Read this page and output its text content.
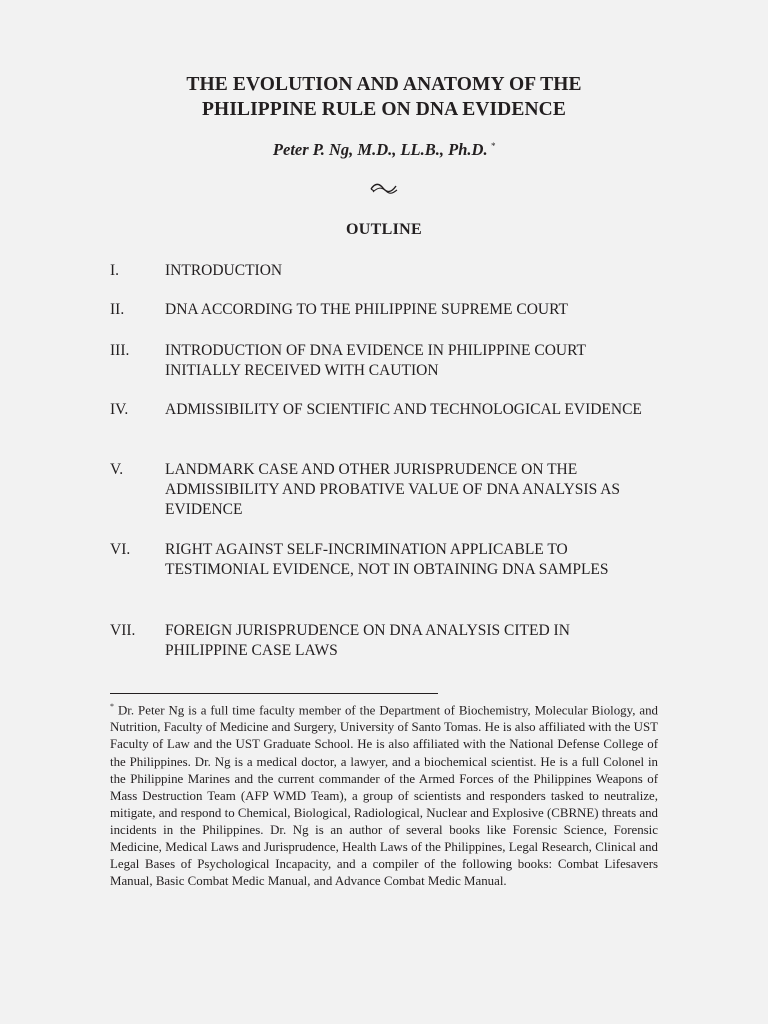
THE EVOLUTION AND ANATOMY OF THE
PHILIPPINE RULE ON DNA EVIDENCE
Peter P. Ng, M.D., LL.B., Ph.D. *
OUTLINE
I.	INTRODUCTION
II.	DNA ACCORDING TO THE PHILIPPINE SUPREME COURT
III. INTRODUCTION OF DNA EVIDENCE IN PHILIPPINE COURT INITIALLY RECEIVED WITH CAUTION
IV. ADMISSIBILITY OF SCIENTIFIC AND TECHNOLOGICAL EVIDENCE
V.	LANDMARK CASE AND OTHER JURISPRUDENCE ON THE ADMISSIBILITY AND PROBATIVE VALUE OF DNA ANALYSIS AS EVIDENCE
VI. RIGHT AGAINST SELF-INCRIMINATION APPLICABLE TO TESTIMONIAL EVIDENCE, NOT IN OBTAINING DNA SAMPLES
VII. FOREIGN JURISPRUDENCE ON DNA ANALYSIS CITED IN PHILIPPINE CASE LAWS
* Dr. Peter Ng is a full time faculty member of the Department of Biochemistry, Molecular Biology, and Nutrition, Faculty of Medicine and Surgery, University of Santo Tomas. He is also affiliated with the UST Faculty of Law and the UST Graduate School. He is also affiliated with the National Defense College of the Philippines. Dr. Ng is a medical doctor, a lawyer, and a biochemical scientist. He is a full Colonel in the Philippine Marines and the current commander of the Armed Forces of the Philippines Weapons of Mass Destruction Team (AFP WMD Team), a group of scientists and responders tasked to neutralize, mitigate, and respond to Chemical, Biological, Radiological, Nuclear and Explosive (CBRNE) threats and incidents in the Philippines. Dr. Ng is an author of several books like Forensic Science, Forensic Medicine, Medical Laws and Jurisprudence, Health Laws of the Philippines, Legal Research, Clinical and Legal Bases of Psychological Incapacity, and a compiler of the following books: Combat Lifesavers Manual, Basic Combat Medic Manual, and Advance Combat Medic Manual.
